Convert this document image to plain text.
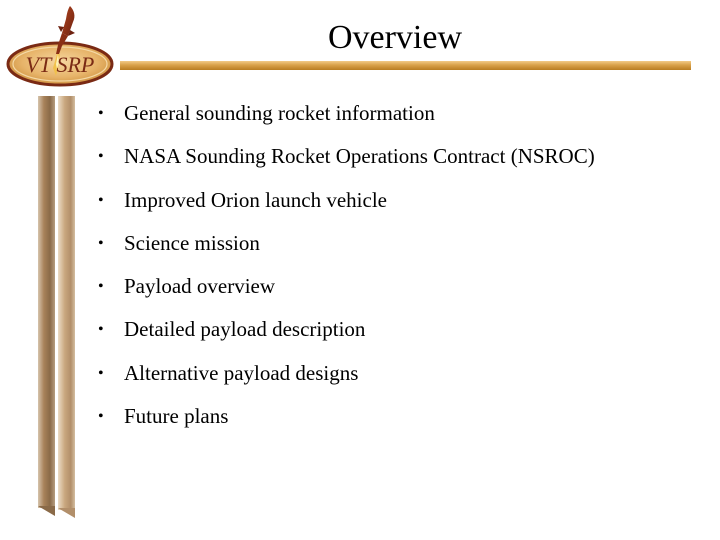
VT SRP
Overview
• General sounding rocket information
• NASA Sounding Rocket Operations Contract (NSROC)
• Improved Orion launch vehicle
• Science mission
• Payload overview
• Detailed payload description
• Alternative payload designs
• Future plans
